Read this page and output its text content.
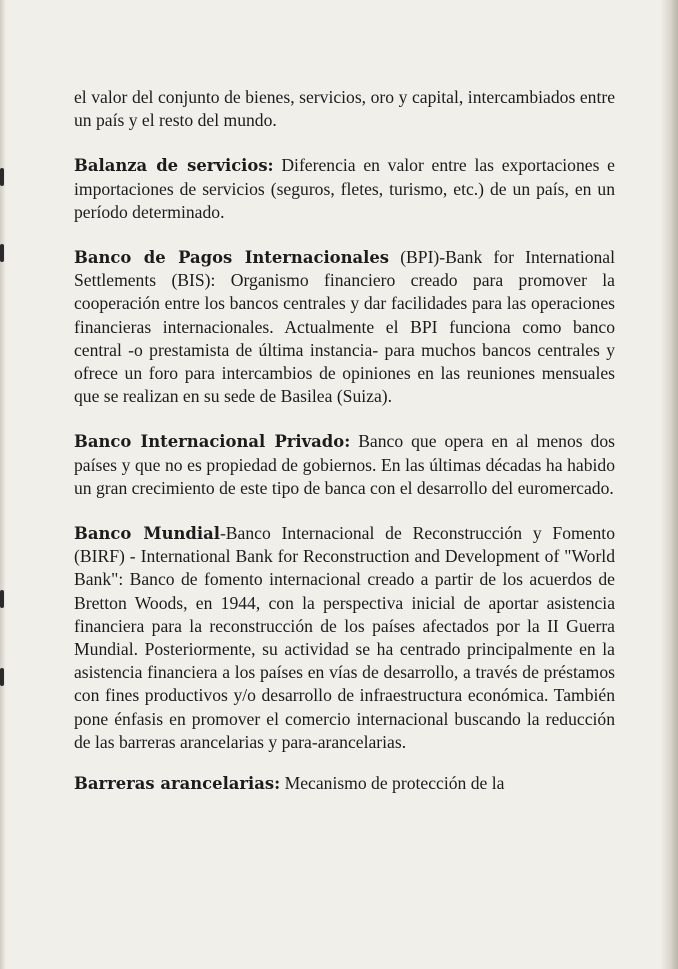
el valor del conjunto de bienes, servicios, oro y capital, intercambiados entre un país y el resto del mundo.

Balanza de servicios: Diferencia en valor entre las exportaciones e importaciones de servicios (seguros, fletes, turismo, etc.) de un país, en un período determinado.

Banco de Pagos Internacionales (BPI)-Bank for International Settlements (BIS): Organismo financiero creado para promover la cooperación entre los bancos centrales y dar facilidades para las operaciones financieras internacionales. Actualmente el BPI funciona como banco central -o prestamista de última instancia- para muchos bancos centrales y ofrece un foro para intercambios de opiniones en las reuniones mensuales que se realizan en su sede de Basilea (Suiza).

Banco Internacional Privado: Banco que opera en al menos dos países y que no es propiedad de gobiernos. En las últimas décadas ha habido un gran crecimiento de este tipo de banca con el desarrollo del euromercado.

Banco Mundial-Banco Internacional de Reconstrucción y Fomento (BIRF) - International Bank for Reconstruction and Development of "World Bank": Banco de fomento internacional creado a partir de los acuerdos de Bretton Woods, en 1944, con la perspectiva inicial de aportar asistencia financiera para la reconstrucción de los países afectados por la II Guerra Mundial. Posteriormente, su actividad se ha centrado principalmente en la asistencia financiera a los países en vías de desarrollo, a través de préstamos con fines productivos y/o desarrollo de infraestructura económica. También pone énfasis en promover el comercio internacional buscando la reducción de las barreras arancelarias y para-arancelarias.

Barreras arancelarias: Mecanismo de protección de la
